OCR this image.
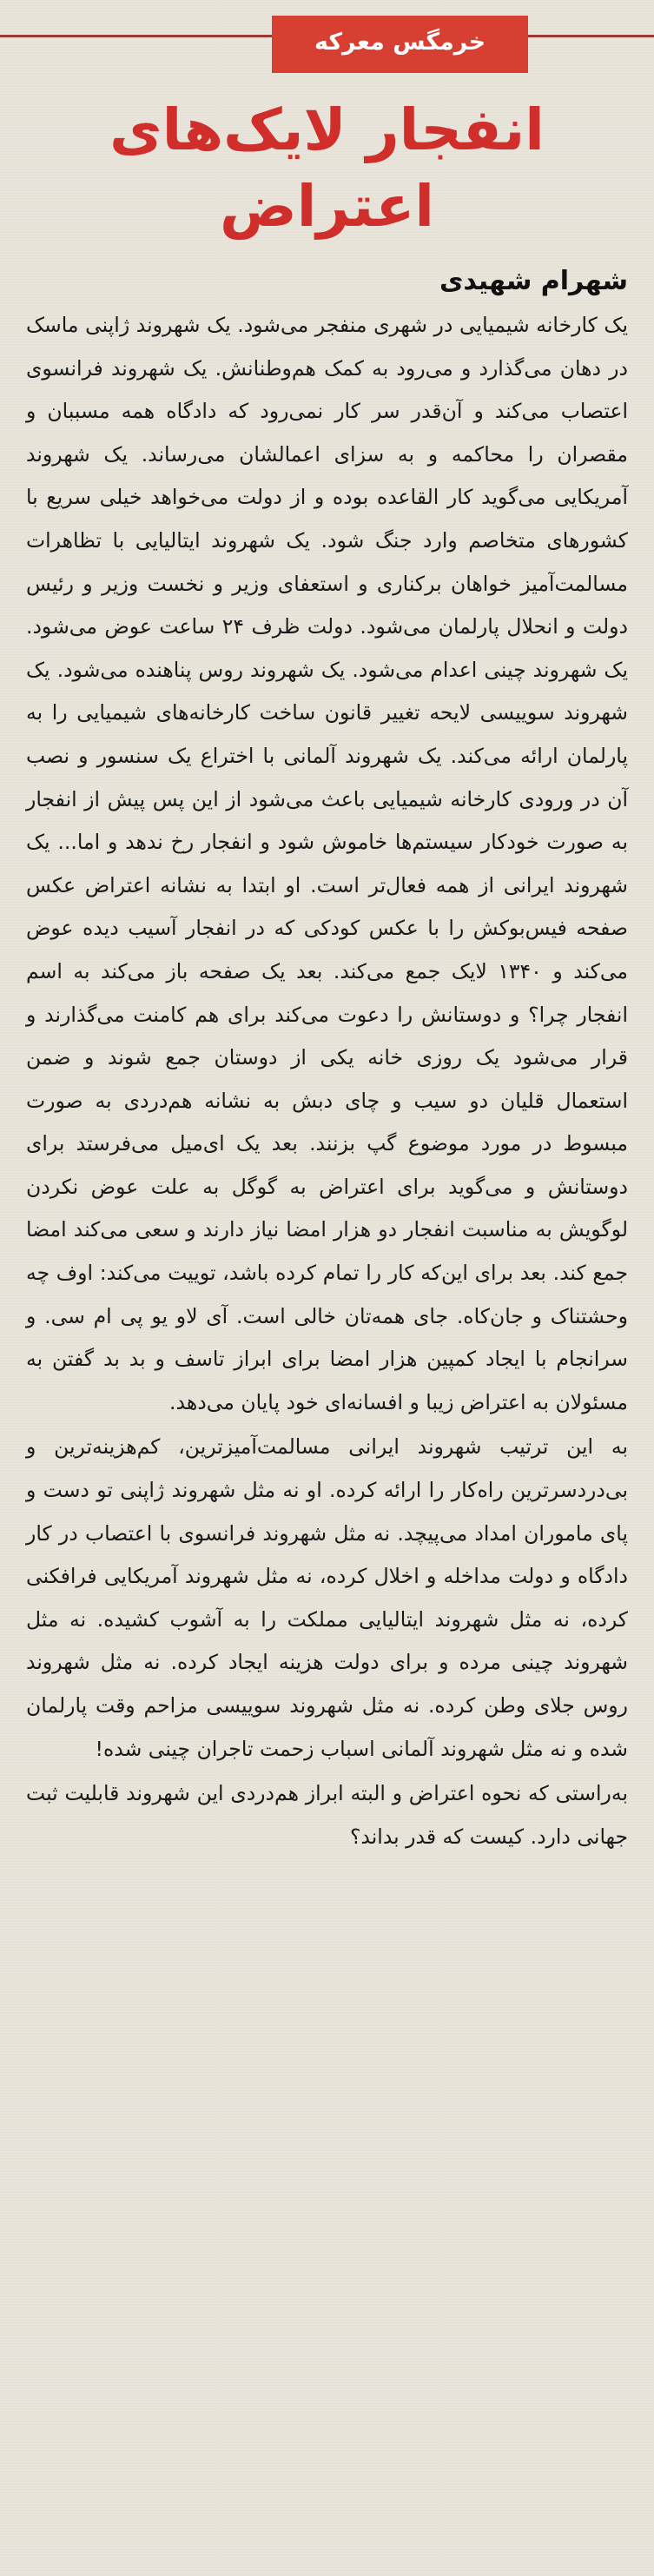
خرمگس معرکه
انفجار لایک‌های اعتراض
شهرام شهیدی

یک کارخانه شیمیایی در شهری منفجر می‌شود. یک شهروند ژاپنی ماسک در دهان می‌گذارد و می‌رود به کمک هم‌وطنانش. یک شهروند فرانسوی اعتصاب می‌کند و آن‌قدر سر کار نمی‌رود که دادگاه همه مسببان و مقصران را محاکمه و به سزای اعمالشان می‌رساند. یک شهروند آمریکایی می‌گوید کار القاعده بوده و از دولت می‌خواهد خیلی سریع با کشورهای متخاصم وارد جنگ شود. یک شهروند ایتالیایی با تظاهرات مسالمت‌آمیز خواهان برکناری و استعفای وزیر و نخست وزیر و رئیس دولت و انحلال پارلمان می‌شود. دولت ظرف ۲۴ ساعت عوض می‌شود. یک شهروند چینی اعدام می‌شود. یک شهروند روس پناهنده می‌شود. یک شهروند سوییسی لایحه تغییر قانون ساخت کارخانه‌های شیمیایی را به پارلمان ارائه می‌کند. یک شهروند آلمانی با اختراع یک سنسور و نصب آن در ورودی کارخانه شیمیایی باعث می‌شود از این پس پیش از انفجار به صورت خودکار سیستم‌ها خاموش شود و انفجار رخ ندهد و اما... یک شهروند ایرانی از همه فعال‌تر است. او ابتدا به نشانه اعتراض عکس صفحه فیس‌بوکش را با عکس کودکی که در انفجار آسیب دیده عوض می‌کند و ۱۳۴۰ لایک جمع می‌کند. بعد یک صفحه باز می‌کند به اسم انفجار چرا؟ و دوستانش را دعوت می‌کند برای هم کامنت می‌گذارند و قرار می‌شود یک روزی خانه یکی از دوستان جمع شوند و ضمن استعمال قلیان دو سیب و چای دبش به نشانه هم‌دردی به صورت مبسوط در مورد موضوع گپ بزنند. بعد یک ای‌میل می‌فرستد برای دوستانش و می‌گوید برای اعتراض به گوگل به علت عوض نکردن لوگویش به مناسبت انفجار دو هزار امضا نیاز دارند و سعی می‌کند امضا جمع کند. بعد برای این‌که کار را تمام کرده باشد، توییت می‌کند: اوف چه وحشتناک و جان‌کاه. جای همه‌تان خالی است. آی لاو یو پی ام سی. و سرانجام با ایجاد کمپین هزار امضا برای ابراز تاسف و بد بد گفتن به مسئولان به اعتراض زیبا و افسانه‌ای خود پایان می‌دهد.

به این ترتیب شهروند ایرانی مسالمت‌آمیزترین، کم‌هزینه‌ترین و بی‌دردسرترین راه‌کار را ارائه کرده. او نه مثل شهروند ژاپنی تو دست و پای ماموران امداد می‌پیچد. نه مثل شهروند فرانسوی با اعتصاب در کار دادگاه و دولت مداخله و اخلال کرده، نه مثل شهروند آمریکایی فرافکنی کرده، نه مثل شهروند ایتالیایی مملکت را به آشوب کشیده. نه مثل شهروند چینی مرده و برای دولت هزینه ایجاد کرده. نه مثل شهروند روس جلای وطن کرده. نه مثل شهروند سوییسی مزاحم وقت پارلمان شده و نه مثل شهروند آلمانی اسباب زحمت تاجران چینی شده!

به‌راستی که نحوه اعتراض و البته ابراز هم‌دردی این شهروند قابلیت ثبت جهانی دارد. کیست که قدر بداند؟
